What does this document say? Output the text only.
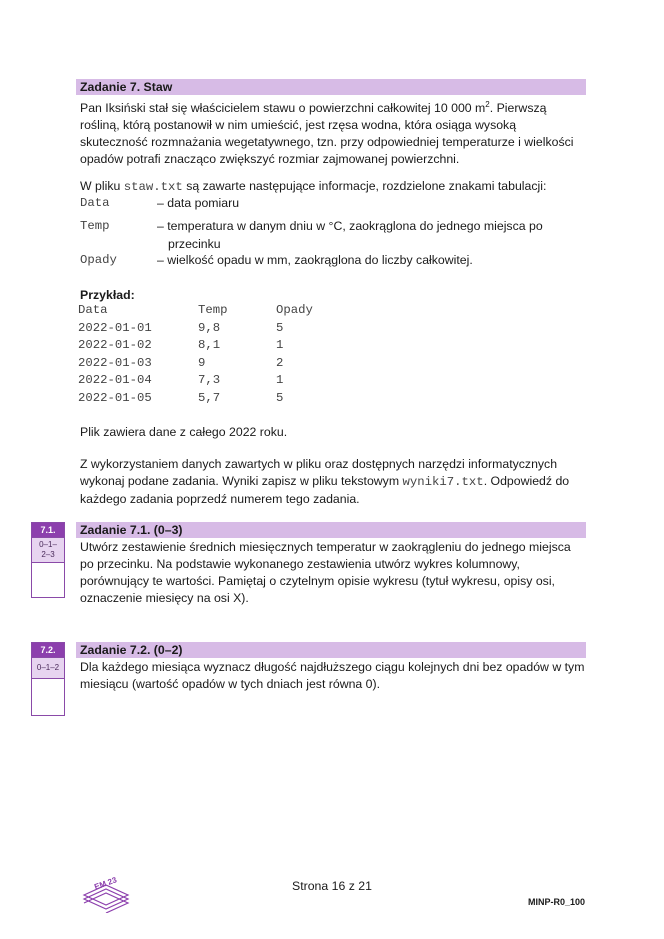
Zadanie 7. Staw
Pan Iksiński stał się właścicielem stawu o powierzchni całkowitej 10 000 $m^2$. Pierwszą
rośliną, którą postanowił w nim umieścić, jest rzęsa wodna, która osiąga wysoką
skuteczność rozmnażania wegetatywnego, tzn. przy odpowiedniej temperaturze i wielkości
opadów potrafi znacząco zwiększyć rozmiar zajmowanej powierzchni.
W pliku staw.txt są zawarte następujące informacje, rozdzielone znakami tabulacji:
Data	– data pomiaru
Temp	– temperatura w danym dniu w °C, zaokrąglona do jednego miejsca po
przecinku
Opady	– wielkość opadu w mm, zaokrąglona do liczby całkowitej.
Przykład:
Data	Temp	Opady
2022-01-01	9,8	5
2022-01-02	8,1	1
2022-01-03	9	2
2022-01-04	7,3	1
2022-01-05	5,7	5
Plik zawiera dane z całego 2022 roku.
Z wykorzystaniem danych zawartych w pliku oraz dostępnych narzędzi informatycznych
wykonaj podane zadania. Wyniki zapisz w pliku tekstowym wyniki7.txt. Odpowiedź do
każdego zadania poprzedź numerem tego zadania.
7.1.
0–1–
2–3
Zadanie 7.1. (0–3)
Utwórz zestawienie średnich miesięcznych temperatur w zaokrągleniu do jednego miejsca
po przecinku. Na podstawie wykonanego zestawienia utwórz wykres kolumnowy,
porównujący te wartości. Pamiętaj o czytelnym opisie wykresu (tytuł wykresu, opisy osi,
oznaczenie miesięcy na osi X).
7.2.
0–1–2
Zadanie 7.2. (0–2)
Dla każdego miesiąca wyznacz długość najdłuższego ciągu kolejnych dni bez opadów w tym
miesiącu (wartość opadów w tych dniach jest równa 0).
EM 23	Strona 16 z 21
MINP-R0_100
